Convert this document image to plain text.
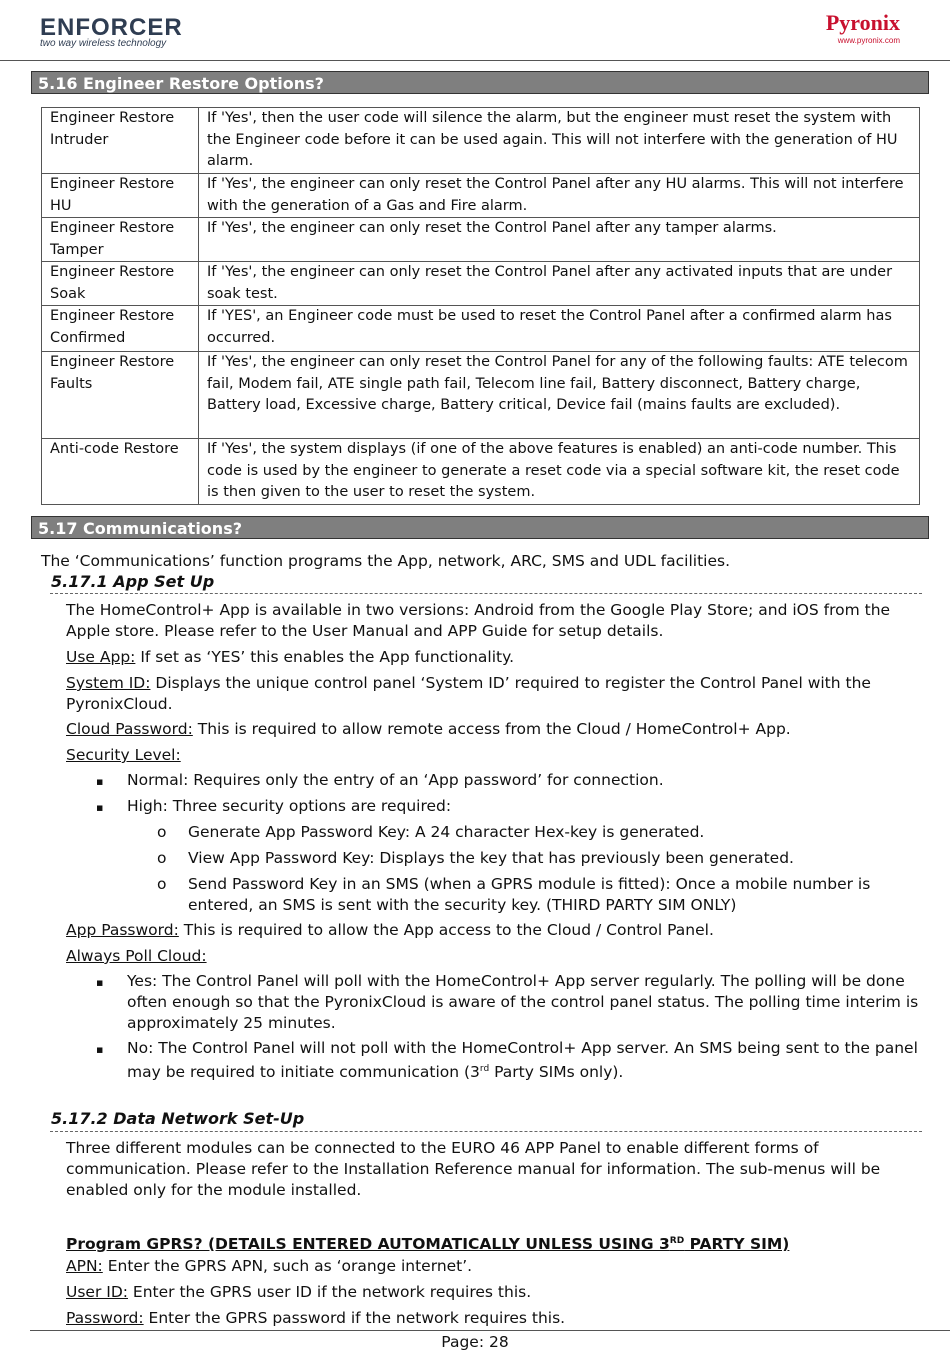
ENFORCER
two way wireless technology
Pyronix
www.pyronix.com
5.16 Engineer Restore Options?
Engineer Restore Intruder	If 'Yes', then the user code will silence the alarm, but the engineer must reset the system with the Engineer code before it can be used again. This will not interfere with the generation of HU alarm.
Engineer Restore HU	If 'Yes', the engineer can only reset the Control Panel after any HU alarms. This will not interfere with the generation of a Gas and Fire alarm.
Engineer Restore Tamper	If 'Yes', the engineer can only reset the Control Panel after any tamper alarms.
Engineer Restore Soak	If 'Yes', the engineer can only reset the Control Panel after any activated inputs that are under soak test.
Engineer Restore Confirmed	If 'YES', an Engineer code must be used to reset the Control Panel after a confirmed alarm has occurred.
Engineer Restore Faults	If 'Yes', the engineer can only reset the Control Panel for any of the following faults: ATE telecom fail, Modem fail, ATE single path fail, Telecom line fail, Battery disconnect, Battery charge, Battery load, Excessive charge, Battery critical, Device fail (mains faults are excluded).
Anti-code Restore	If 'Yes', the system displays (if one of the above features is enabled) an anti-code number. This code is used by the engineer to generate a reset code via a special software kit, the reset code is then given to the user to reset the system.
5.17 Communications?
The ‘Communications’ function programs the App, network, ARC, SMS and UDL facilities.
5.17.1 App Set Up
The HomeControl+ App is available in two versions: Android from the Google Play Store; and iOS from the Apple store. Please refer to the User Manual and APP Guide for setup details.
Use App: If set as ‘YES’ this enables the App functionality.
System ID: Displays the unique control panel ‘System ID’ required to register the Control Panel with the PyronixCloud.
Cloud Password: This is required to allow remote access from the Cloud / HomeControl+ App.
Security Level:
▪ Normal: Requires only the entry of an ‘App password’ for connection.
▪ High: Three security options are required:
o Generate App Password Key: A 24 character Hex-key is generated.
o View App Password Key: Displays the key that has previously been generated.
o Send Password Key in an SMS (when a GPRS module is fitted): Once a mobile number is entered, an SMS is sent with the security key. (THIRD PARTY SIM ONLY)
App Password: This is required to allow the App access to the Cloud / Control Panel.
Always Poll Cloud:
▪ Yes: The Control Panel will poll with the HomeControl+ App server regularly. The polling will be done often enough so that the PyronixCloud is aware of the control panel status. The polling time interim is approximately 25 minutes.
▪ No: The Control Panel will not poll with the HomeControl+ App server. An SMS being sent to the panel may be required to initiate communication (3rd Party SIMs only).
5.17.2 Data Network Set-Up
Three different modules can be connected to the EURO 46 APP Panel to enable different forms of communication. Please refer to the Installation Reference manual for information. The sub-menus will be enabled only for the module installed.
Program GPRS? (DETAILS ENTERED AUTOMATICALLY UNLESS USING 3RD PARTY SIM)
APN: Enter the GPRS APN, such as ‘orange internet’.
User ID: Enter the GPRS user ID if the network requires this.
Password: Enter the GPRS password if the network requires this.
Page: 28
